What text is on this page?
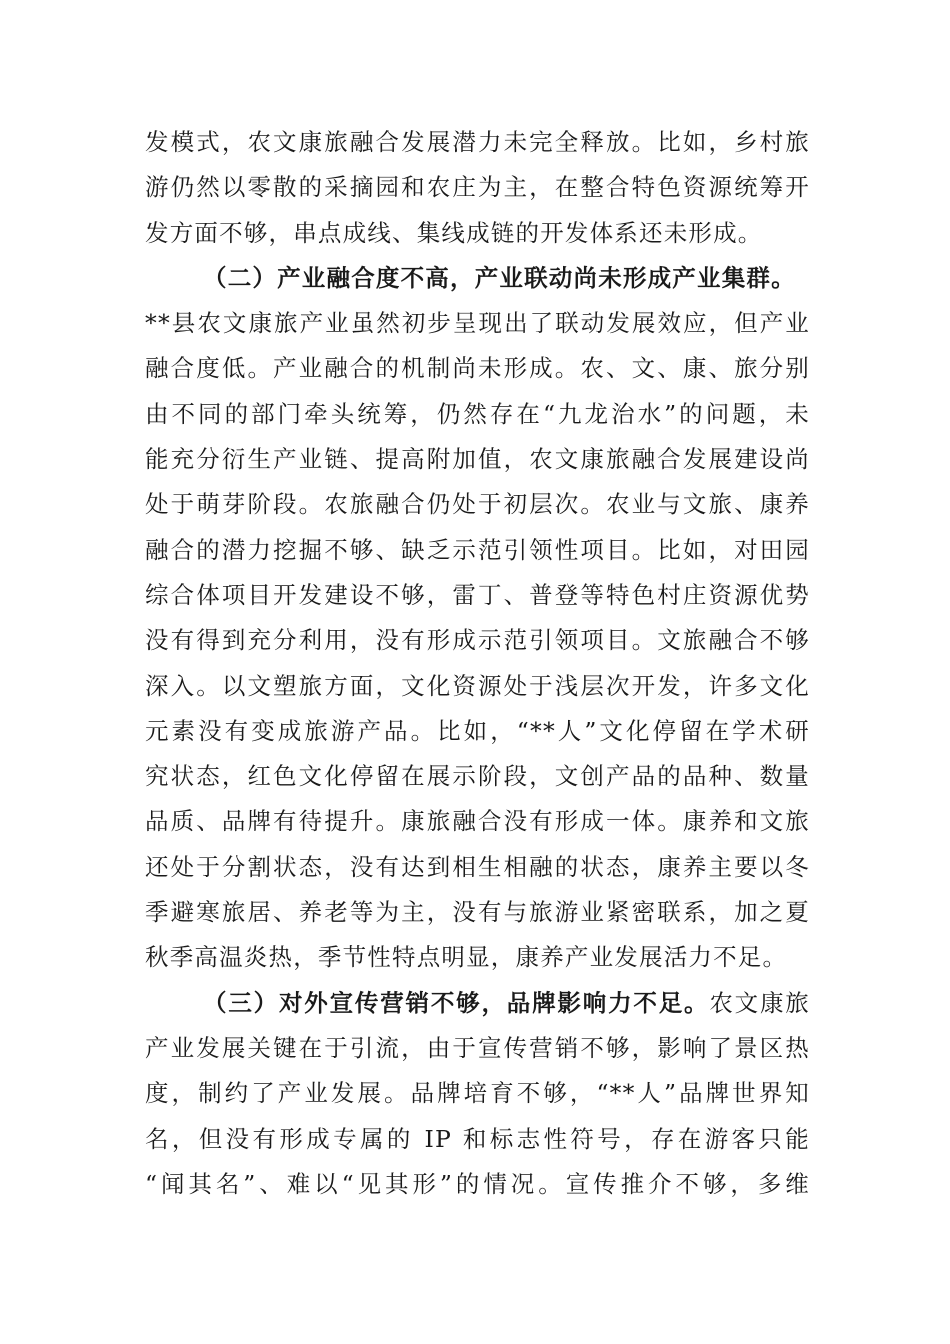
发模式，农文康旅融合发展潜力未完全释放。比如，乡村旅
游仍然以零散的采摘园和农庄为主，在整合特色资源统筹开
发方面不够，串点成线、集线成链的开发体系还未形成。
（二）产业融合度不高，产业联动尚未形成产业集群。
**县农文康旅产业虽然初步呈现出了联动发展效应，但产业
融合度低。产业融合的机制尚未形成。农、文、康、旅分别
由不同的部门牵头统筹，仍然存在“九龙治水”的问题，未
能充分衍生产业链、提高附加值，农文康旅融合发展建设尚
处于萌芽阶段。农旅融合仍处于初层次。农业与文旅、康养
融合的潜力挖掘不够、缺乏示范引领性项目。比如，对田园
综合体项目开发建设不够，雷丁、普登等特色村庄资源优势
没有得到充分利用，没有形成示范引领项目。文旅融合不够
深入。以文塑旅方面，文化资源处于浅层次开发，许多文化
元素没有变成旅游产品。比如，“**人”文化停留在学术研
究状态，红色文化停留在展示阶段，文创产品的品种、数量
品质、品牌有待提升。康旅融合没有形成一体。康养和文旅
还处于分割状态，没有达到相生相融的状态，康养主要以冬
季避寒旅居、养老等为主，没有与旅游业紧密联系，加之夏
秋季高温炎热，季节性特点明显，康养产业发展活力不足。
（三）对外宣传营销不够，品牌影响力不足。农文康旅
产业发展关键在于引流，由于宣传营销不够，影响了景区热
度，制约了产业发展。品牌培育不够，“**人”品牌世界知
名，但没有形成专属的 IP 和标志性符号，存在游客只能
“闻其名”、难以“见其形”的情况。宣传推介不够，多维
